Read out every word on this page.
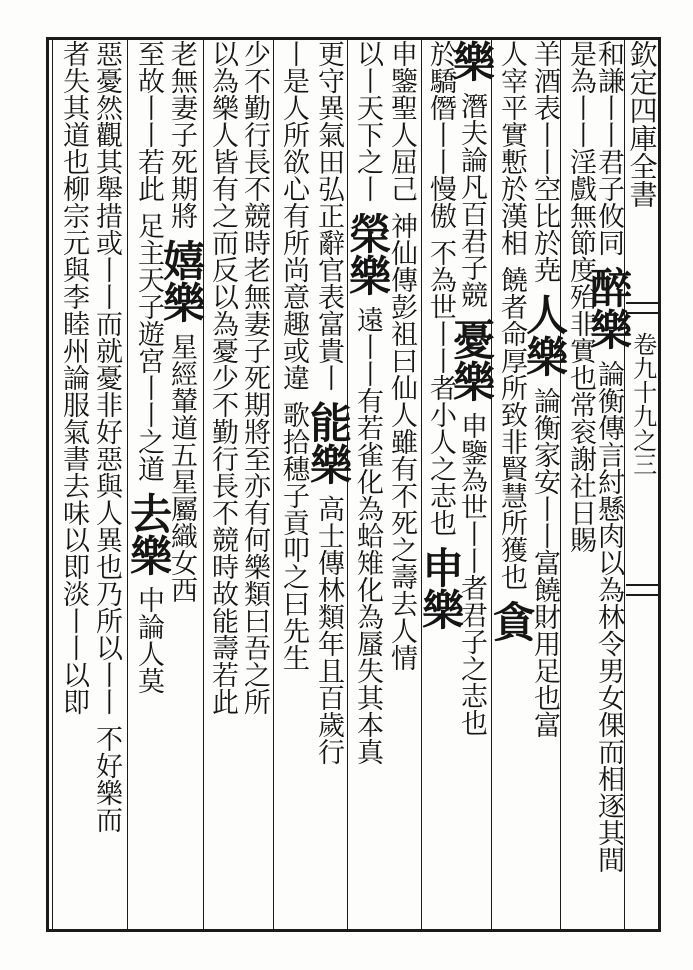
欽定四庫全書
卷九十九之三
和謙丨丨君子攸同
醉樂
論衡傳言紂懸肉以為林令男女倮而相逐其間
是為丨丨淫戲無節度殆非實也常衮謝社日賜
羊酒表丨丨空比於尭
人樂
論衡家安丨丨富饒財用足也富
人宰平實慙於漢相
饒者命厚所致非賢慧所獲也
貪
樂
潛夫論凡百君子競
憂樂
申鑒為世丨丨者君子之志也
於驕僭丨丨慢傲
不為世丨丨者小人之志也
申樂
申鑒聖人屈己
神仙傳彭祖曰仙人雖有不死之壽去人情
以丨天下之丨
榮樂
遠丨丨有若雀化為蛤雉化為蜃失其本真
更守異氣田弘正辭官表富貴丨
能樂
高士傳林類年且百歲行
丨是人所欲心有所尚意趣或違
歌拾穗子貢叩之曰先生
少不勤行長不競時老無妻子死期將至亦有何樂類曰吾之所
以為樂人皆有之而反以為憂少不勤行長不競時故能壽若此
老無妻子死期將
嬉樂
星經輦道五星屬織女西
至故丨丨若此
足主天子遊宮丨丨之道
去樂
中論人莫
惡憂然觀其舉措或丨丨而就憂非好惡與人異也乃所以丨丨
不好樂而
者失其道也柳宗元與李睦州論服氣書去味以即淡丨丨以即
